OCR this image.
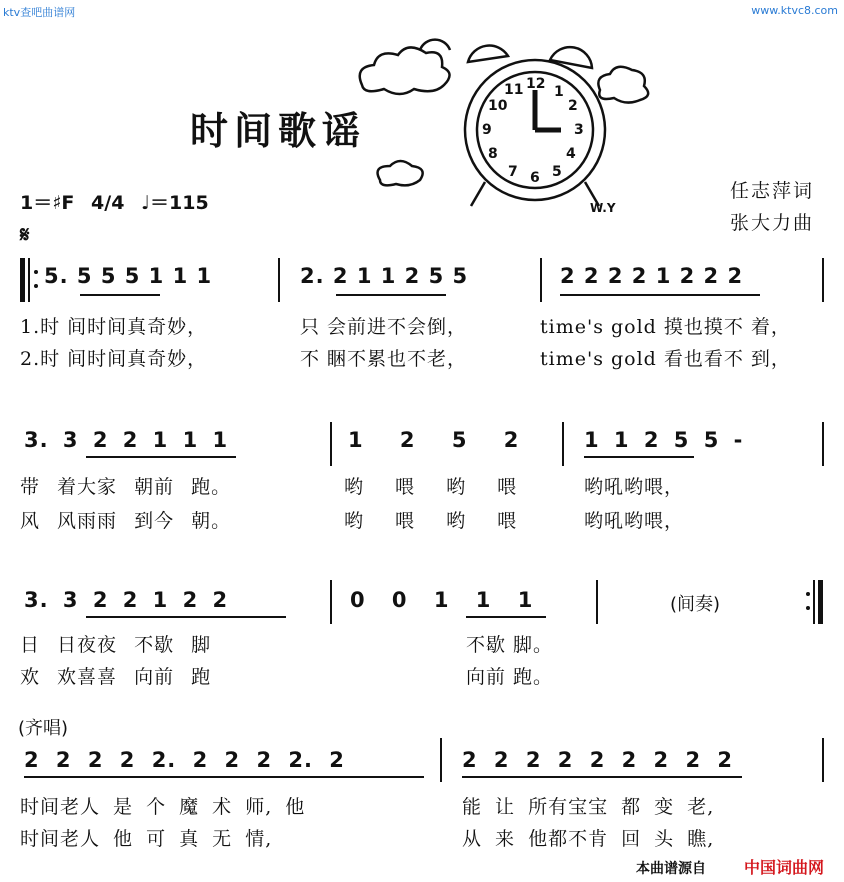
ktv查吧曲谱网	www.ktvc8.com
12 1
2
3
4
5
6
7
8
9
10
11
W.Y
时间歌谣
任志萍词
张大力曲
1＝♯F 4/4 ♩＝115
𝄋
5. 5 5 5 1 1 1	2. 2 1 1 2 5 5	2 2 2 2 1 2 2 2
1.时 间时间真奇妙，	只 会前进不会倒，	time's gold 摸也摸不 着，
2.时 间时间真奇妙，	不 睏不累也不老，	time's gold 看也看不 到，
3. 3 2 2 1 1 1	1 2 5 2	1 1 2 5 5 -
带 着大家 朝前 跑。	哟 喂 哟 喂	哟吼哟喂，
风 风雨雨 到今 朝。	哟 喂 哟 喂	哟吼哟喂，
3. 3 2 2 1 2 2	0 0 1 1 1	(间奏)
日 日夜夜 不歇 脚	不歇 脚。
欢 欢喜喜 向前 跑	向前 跑。
(齐唱)
2 2 2 2 2. 2 2 2 2. 2	2 2 2 2 2 2 2 2 2
时间老人 是 个 魔 术 师, 他	能 让 所有宝宝 都 变 老,
时间老人 他 可 真 无 情,	从 来 他都不肯 回 头 瞧,
本曲谱源自 中国词曲网
